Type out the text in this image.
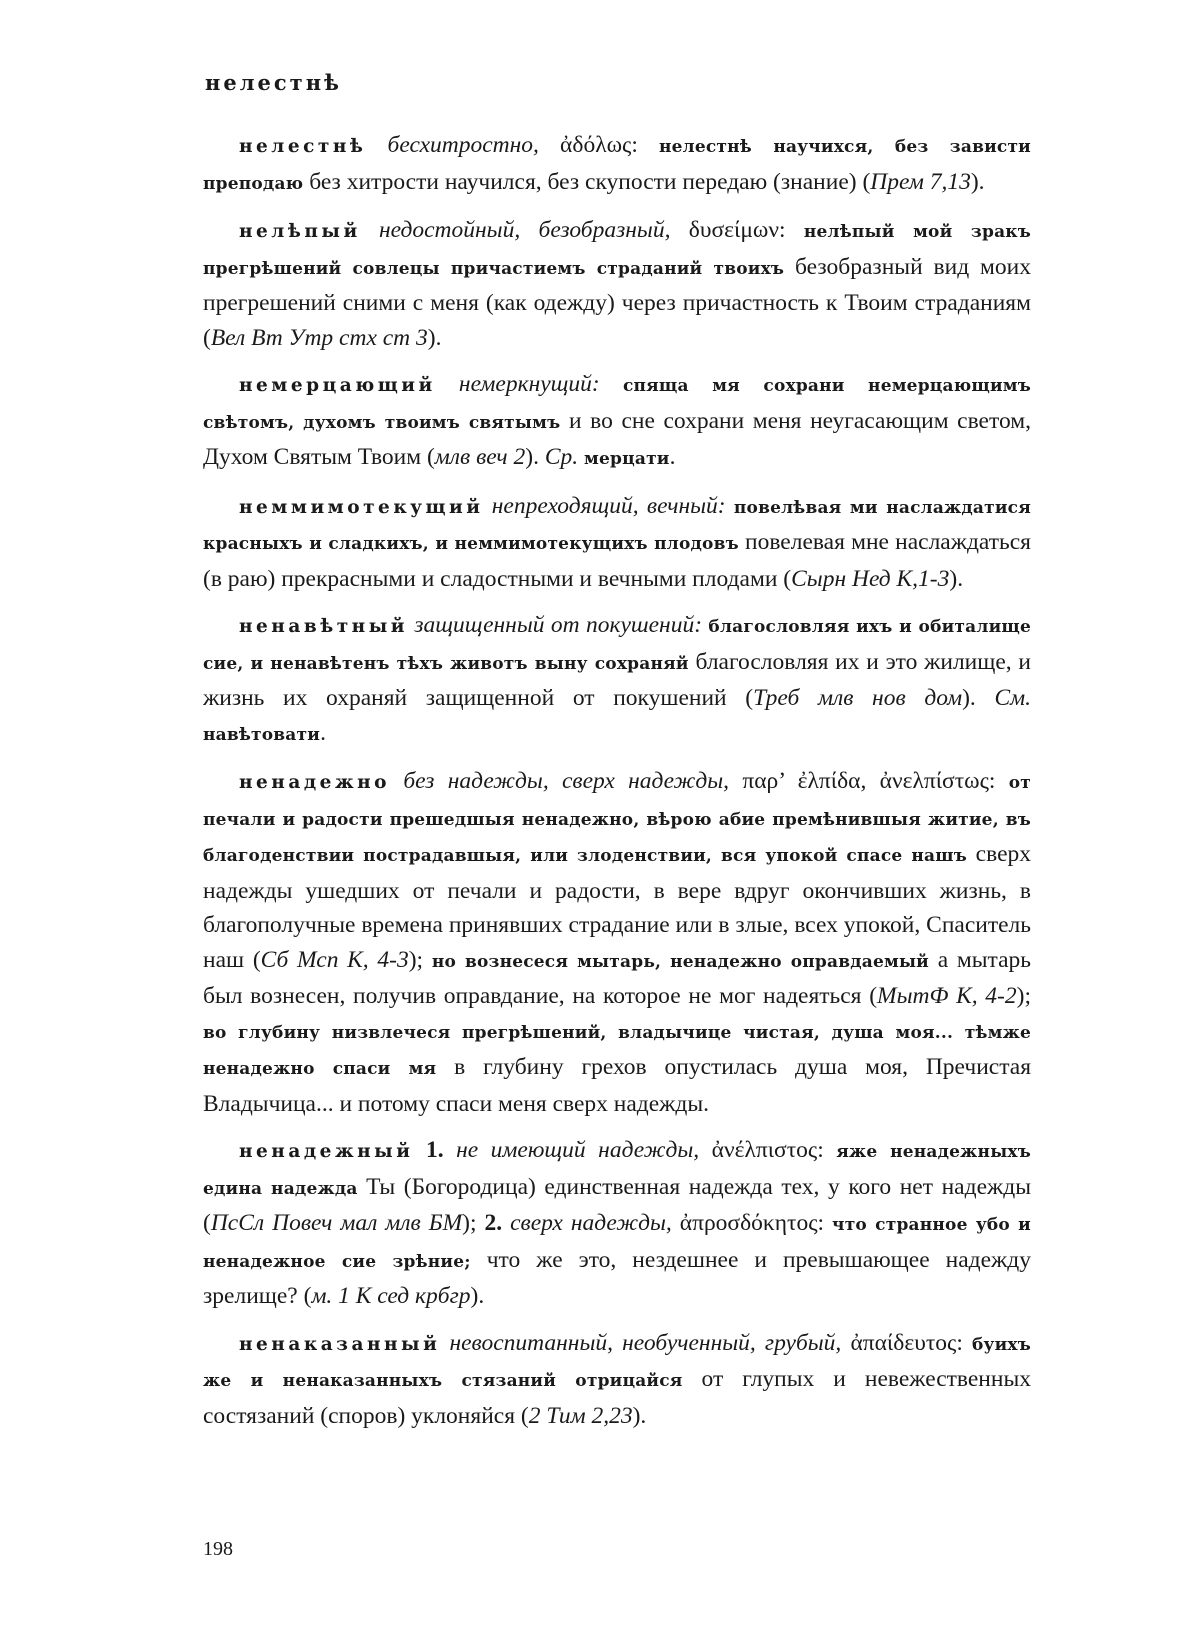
нелестнѣ

нелестнѣ бесхитростно, ἀδόλως: нелестнѣ научихся, без зависти преподаю без хитрости научился, без скупости передаю (знание) (Прем 7,13).

нелѣпый недостойный, безобразный, δυσείμων: нелѣпый мой зракъ прегрѣшений совлецы причастиемъ страданий твоихъ безобразный вид моих прегрешений сними с меня (как одежду) через причастность к Твоим страданиям (Вел Вт Утр стх ст 3).

немерцающий немеркнущий: спяща мя сохрани немерцающимъ свѣтомъ, духомъ твоимъ святымъ и во сне сохрани меня неугасающим светом, Духом Святым Твоим (млв веч 2). Ср. мерцати.

неммимотекущий непреходящий, вечный: повелѣвая ми наслаждатися красныхъ и сладкихъ, и неммимотекущихъ плодовъ повелевая мне наслаждаться (в раю) прекрасными и сладостными и вечными плодами (Сырн Нед К,1-3).

ненавѣтный защищенный от покушений: благословляя ихъ и обиталище сие, и ненавѣтенъ тѣхъ животъ выну сохраняй благословляя их и это жилище, и жизнь их охраняй защищенной от покушений (Треб млв нов дом). См. навѣтовати.

ненадежно без надежды, сверх надежды, παρ’ ἐλπίδα, ἀνελπίστως: от печали и радости прешедшыя ненадежно, вѣрою абие премѣнившыя житие, въ благоденствии пострадавшыя, или злоденствии, вся упокой спасе нашъ сверх надежды ушедших от печали и радости, в вере вдруг окончивших жизнь, в благополучные времена принявших страдание или в злые, всех упокой, Спаситель наш (Сб Мсп К, 4-3); но вознесеся мытарь, ненадежно оправдаемый а мытарь был вознесен, получив оправдание, на которое не мог надеяться (МытФ К, 4-2); во глубину низвлечеся прегрѣшений, владычице чистая, душа моя... тѣмже ненадежно спаси мя в глубину грехов опустилась душа моя, Пречистая Владычица... и потому спаси меня сверх надежды.

ненадежный 1. не имеющий надежды, ἀνέλπιστος: яже ненадежныхъ едина надежда Ты (Богородица) единственная надежда тех, у кого нет надежды (ПсСл Повеч мал млв БМ); 2. сверх надежды, ἀπροσδόκητος: что странное убо и ненадежное сие зрѣние; что же это, нездешнее и превышающее надежду зрелище? (м. 1 К сед крбгр).

ненаказанный невоспитанный, необученный, грубый, ἀπαίδευτος: буихъ же и ненаказанныхъ стязаний отрицайся от глупых и невежественных состязаний (споров) уклоняйся (2 Тим 2,23).

198
